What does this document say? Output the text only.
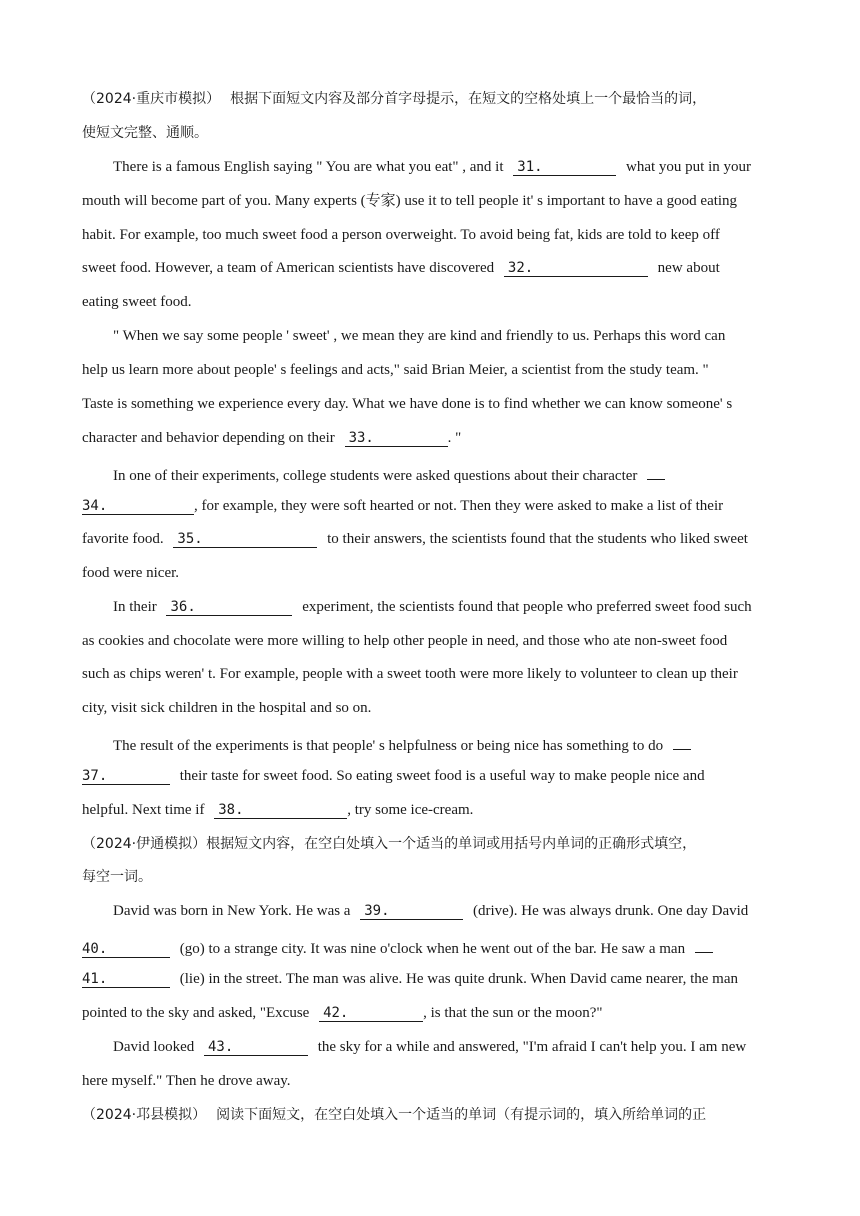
（2024·重庆市模拟） 根据下面短文内容及部分首字母提示，在短文的空格处填上一个最恰当的词，
使短文完整、通顺。
There is a famous English saying " You are what you eat" , and it 31.	what you put in your
mouth will become part of you. Many experts (专家) use it to tell people it' s important to have a good eating
habit. For example, too much sweet food a person overweight. To avoid being fat, kids are told to keep off
sweet food. However, a team of American scientists have discovered 32.	new about
eating sweet food.
" When we say some people ' sweet' , we mean they are kind and friendly to us. Perhaps this word can
help us learn more about people' s feelings and acts," said Brian Meier, a scientist from the study team. "
Taste is something we experience every day. What we have done is to find whether we can know someone' s
character and behavior depending on their 33.	. "
In one of their experiments, college students were asked questions about their character
34.	, for example, they were soft hearted or not. Then they were asked to make a list of their
favorite food. 35.	to their answers, the scientists found that the students who liked sweet
food were nicer.
In their 36.	experiment, the scientists found that people who preferred sweet food such
as cookies and chocolate were more willing to help other people in need, and those who ate non-sweet food
such as chips weren' t. For example, people with a sweet tooth were more likely to volunteer to clean up their
city, visit sick children in the hospital and so on.
The result of the experiments is that people' s helpfulness or being nice has something to do
37.	their taste for sweet food. So eating sweet food is a useful way to make people nice and
helpful. Next time if 38.	, try some ice-cream.
（2024·伊通模拟）根据短文内容，在空白处填入一个适当的单词或用括号内单词的正确形式填空，
每空一词。
David was born in New York. He was a 39.	(drive). He was always drunk. One day David
40.	(go) to a strange city. It was nine o'clock when he went out of the bar. He saw a man
41.	(lie) in the street. The man was alive. He was quite drunk. When David came nearer, the man
pointed to the sky and asked, "Excuse 42.	, is that the sun or the moon?"
David looked 43.	the sky for a while and answered, "I'm afraid I can't help you. I am new
here myself." Then he drove away.
（2024·邛县模拟） 阅读下面短文，在空白处填入一个适当的单词（有提示词的，填入所给单词的正
